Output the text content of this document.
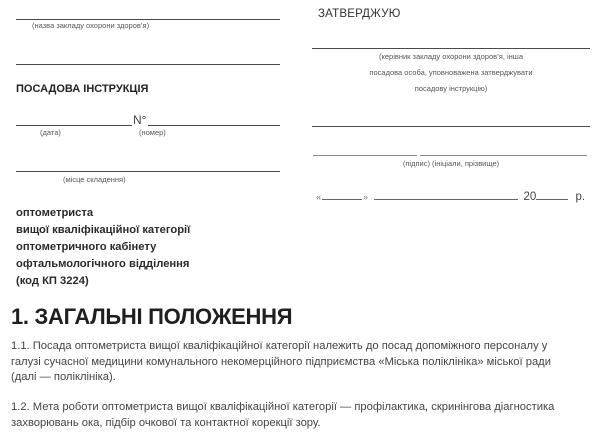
(назва закладу охорони здоров’я)
ПОСАДОВА ІНСТРУКЦІЯ
N°
(дата)	(номер)
(місце складення)
ЗАТВЕРДЖУЮ
(керівник закладу охорони здоров’я, інша
посадова особа, уповноважена затверджувати
посадову інструкцію)
(підпис) (ініціали, прізвище)
«	»	20	р.
оптометриста
вищої кваліфікаційної категорії
оптометричного кабінету
офтальмологічного відділення
(код КП 3224)
1. ЗАГАЛЬНІ ПОЛОЖЕННЯ
1.1. Посада оптометриста вищої кваліфікаційної категорії належить до посад допоміжного персоналу у
галузі сучасної медицини комунального некомерційного підприємства «Міська поліклініка» міської ради
(далі — поліклініка).
1.2. Мета роботи оптометриста вищої кваліфікаційної категорії — профілактика, скринінгова діагностика
захворювань ока, підбір очкової та контактної корекції зору.
